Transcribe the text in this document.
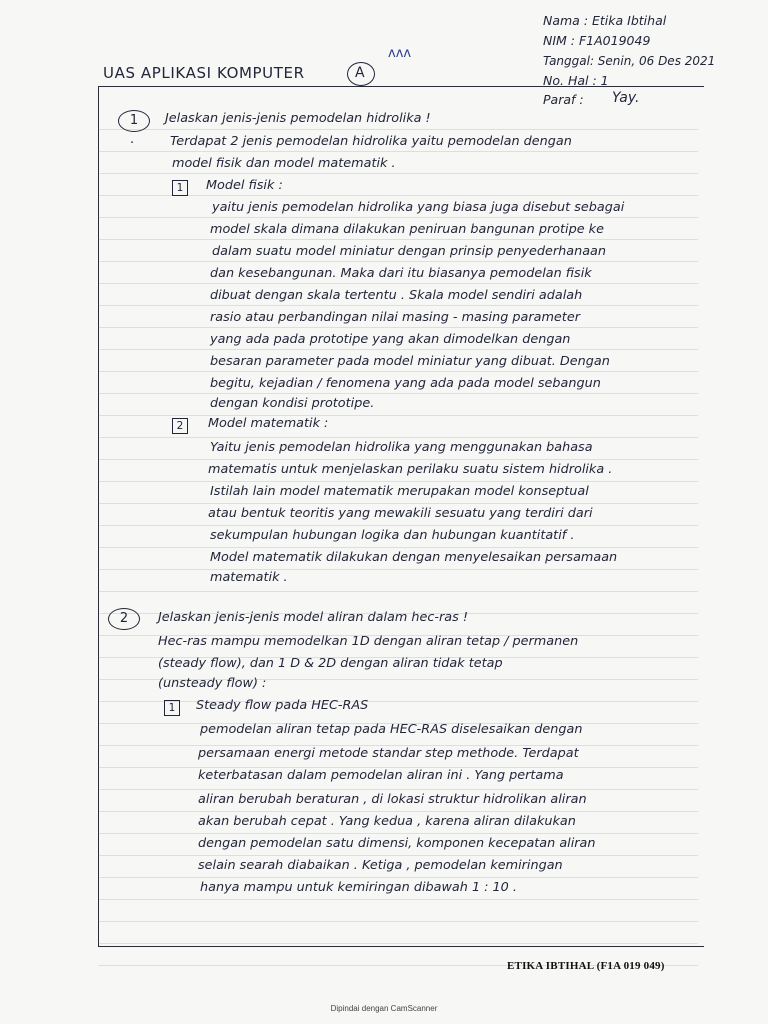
Nama : Etika Ibtihal
NIM : F1A019049
Tanggal: Senin, 06 Des 2021
No. Hal : 1
Paraf : Yay.
UAS APLIKASI KOMPUTER	A
ʌʌʌ
1	Jelaskan jenis-jenis pemodelan hidrolika !
·	Terdapat 2 jenis pemodelan hidrolika yaitu pemodelan dengan
model fisik dan model matematik .
1	Model fisik :
yaitu jenis pemodelan hidrolika yang biasa juga disebut sebagai
model skala dimana dilakukan peniruan bangunan protipe ke
dalam suatu model miniatur dengan prinsip penyederhanaan
dan kesebangunan. Maka dari itu biasanya pemodelan fisik
dibuat dengan skala tertentu . Skala model sendiri adalah
rasio atau perbandingan nilai masing - masing parameter
yang ada pada prototipe yang akan dimodelkan dengan
besaran parameter pada model miniatur yang dibuat. Dengan
begitu, kejadian / fenomena yang ada pada model sebangun
dengan kondisi prototipe.
2	Model matematik :
Yaitu jenis pemodelan hidrolika yang menggunakan bahasa
matematis untuk menjelaskan perilaku suatu sistem hidrolika .
Istilah lain model matematik merupakan model konseptual
atau bentuk teoritis yang mewakili sesuatu yang terdiri dari
sekumpulan hubungan logika dan hubungan kuantitatif .
Model matematik dilakukan dengan menyelesaikan persamaan
matematik .
2	Jelaskan jenis-jenis model aliran dalam hec-ras !
Hec-ras mampu memodelkan 1D dengan aliran tetap / permanen
(steady flow), dan 1 D & 2D dengan aliran tidak tetap
(unsteady flow) :
1	Steady flow pada HEC-RAS
pemodelan aliran tetap pada HEC-RAS diselesaikan dengan
persamaan energi metode standar step methode. Terdapat
keterbatasan dalam pemodelan aliran ini . Yang pertama
aliran berubah beraturan , di lokasi struktur hidrolikan aliran
akan berubah cepat . Yang kedua , karena aliran dilakukan
dengan pemodelan satu dimensi, komponen kecepatan aliran
selain searah diabaikan . Ketiga , pemodelan kemiringan
hanya mampu untuk kemiringan dibawah 1 : 10 .
ETIKA IBTIHAL (F1A 019 049)
Dipindai dengan CamScanner
